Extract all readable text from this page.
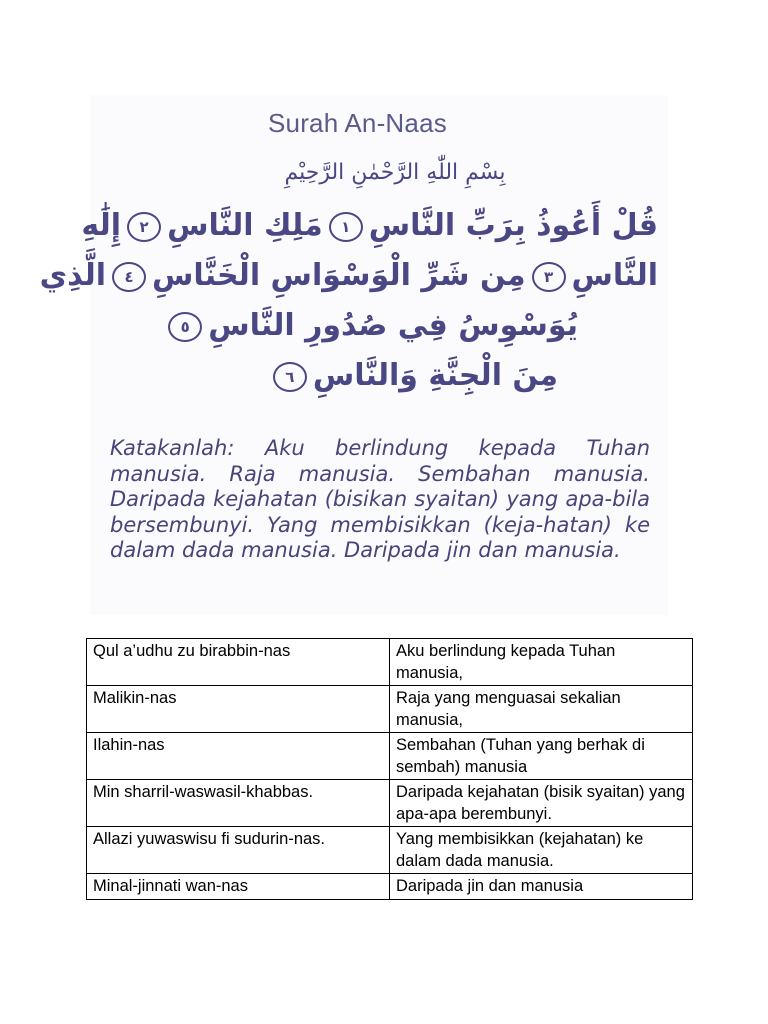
Surah An-Naas
بِسْمِ اللّٰهِ الرَّحْمٰنِ الرَّحِيْمِ
قُلْ أَعُوذُ بِرَبِّ النَّاسِ١مَلِكِ النَّاسِ٢إِلَٰهِ
النَّاسِ٣مِن شَرِّ الْوَسْوَاسِ الْخَنَّاسِ٤الَّذِي
يُوَسْوِسُ فِي صُدُورِ النَّاسِ٥
مِنَ الْجِنَّةِ وَالنَّاسِ٦
Katakanlah: Aku berlindung kepada Tuhan manusia. Raja manusia. Sembahan manusia. Daripada kejahatan (bisikan syaitan) yang apa-bila bersembunyi. Yang membisikkan (keja-hatan) ke dalam dada manusia. Daripada jin dan manusia.
Qul a’udhu zu birabbin-nas	Aku berlindung kepada Tuhan manusia,
Malikin-nas	Raja yang menguasai sekalian manusia,
Ilahin-nas	Sembahan (Tuhan yang berhak di sembah) manusia
Min sharril-waswasil-khabbas.	Daripada kejahatan (bisik syaitan) yang apa-apa berembunyi.
Allazi yuwaswisu fi sudurin-nas.	Yang membisikkan (kejahatan) ke dalam dada manusia.
Minal-jinnati wan-nas	Daripada jin dan manusia
